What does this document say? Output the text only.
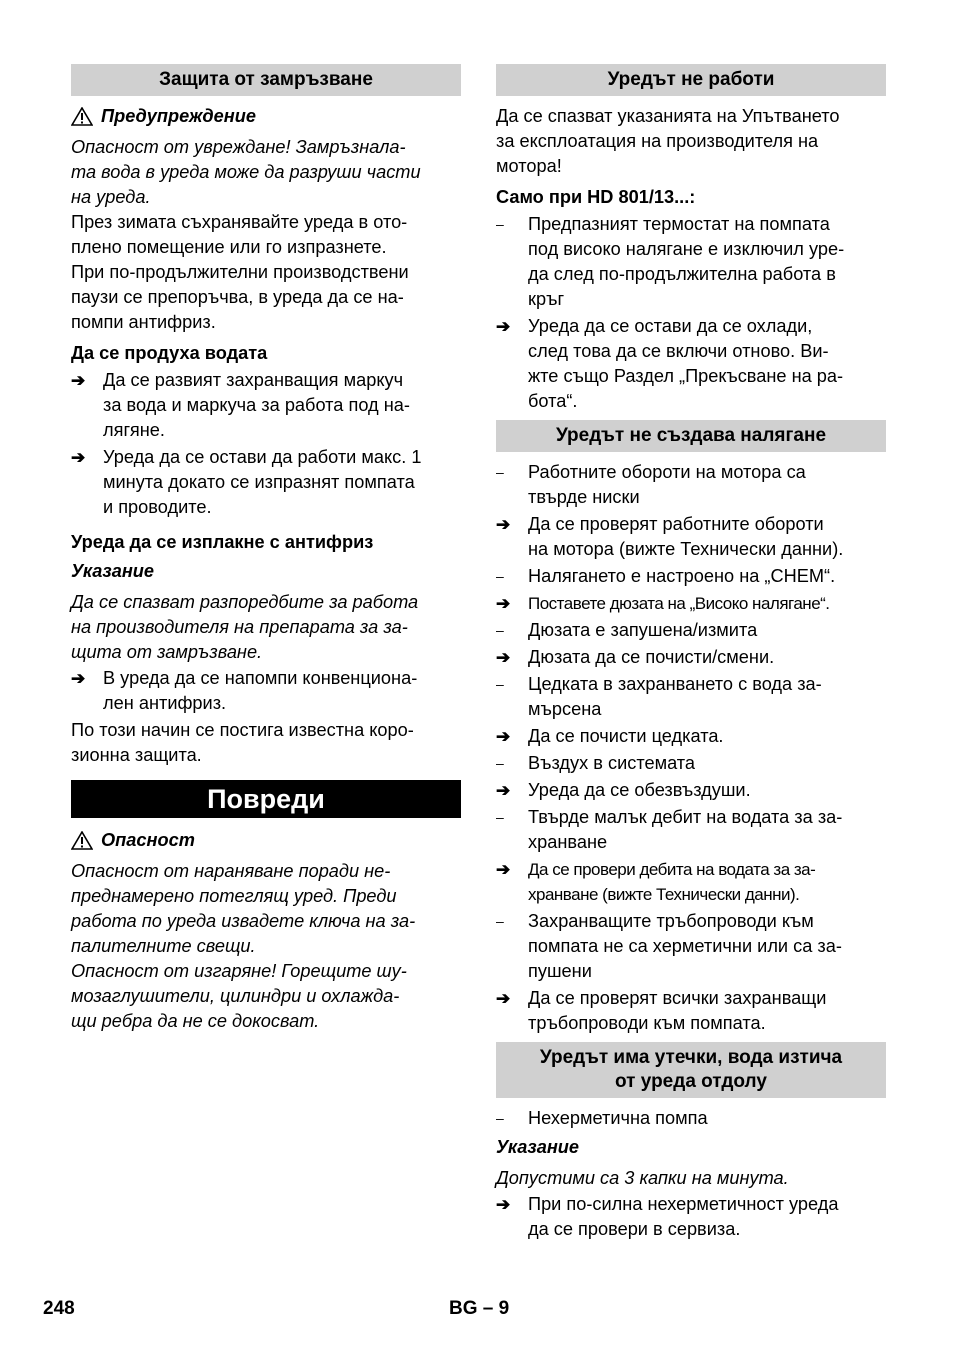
Защита от замръзване

Предупреждение

Опасност от увреждане! Замръзнала-

та вода в уреда може да разруши части

на уреда.

През зимата съхранявайте уреда в ото-

плено помещение или го изпразнете.

При по-продължителни производствени

паузи се препоръчва, в уреда да се на-

помпи антифриз.

Да се продуха водата

➔ Да се развият захранващия маркуч

за вода и маркуча за работа под на-

лягяне.

➔ Уреда да се остави да работи макс. 1

минута докато се изпразнят помпата

и проводите.

Уреда да се изплакне с антифриз

Указание

Да се спазват разпоредбите за работа

на производителя на препарата за за-

щита от замръзване.

➔ В уреда да се напомпи конвенциона-

лен антифриз.

По този начин се постига известна коро-

зионна защита.

Повреди

Опасност

Опасност от нараняване поради не-

преднамерено потеглящ уред. Преди

работа по уреда извадете ключа на за-

палителните свещи.

Опасност от изгаряне! Горещите шу-

мозаглушители, цилиндри и охлажда-

щи ребра да не се докосват.

Уредът не работи

Да се спазват указанията на Упътването

за експлоатация на производителя на

мотора!

Само при HD 801/13...:

–	Предпазният термостат на помпата

под високо налягане е изключил уре-

да след по-продължителна работа в

кръг

➔ Уреда да се остави да се охлади,

след това да се включи отново. Ви-

жте също Раздел „Прекъсване на ра-

бота“.

Уредът не създава налягане
–	Работните обороти на мотора са

твърде ниски

➔ Да се проверят работните обороти

на мотора (вижте Технически данни).

–	Налягането е настроено на „CHEM“.

➔	Поставете дюзата на „Високо налягане“.

–	Дюзата е запушена/измита

➔ Дюзата да се почисти/смени.

–	Цедката в захранването с вода за-

мърсена

➔ Да се почисти цедката.

–	Въздух в системата

➔ Уреда да се обезвъздуши.

–	Твърде малък дебит на водата за за-

хранване

➔	Да се провери дебита на водата за за-

хранване (вижте Технически данни).

–	Захранващите тръбопроводи към

помпата не са херметични или са за-

пушени

➔ Да се проверят всички захранващи

тръбопроводи към помпата.

Уредът има утечки, вода изтича
от уреда отдолу
–	Нехерметична помпа

Указание

Допустими са 3 капки на минута.

➔ При по-силна нехерметичност уреда

да се провери в сервиза.

248	BG – 9
